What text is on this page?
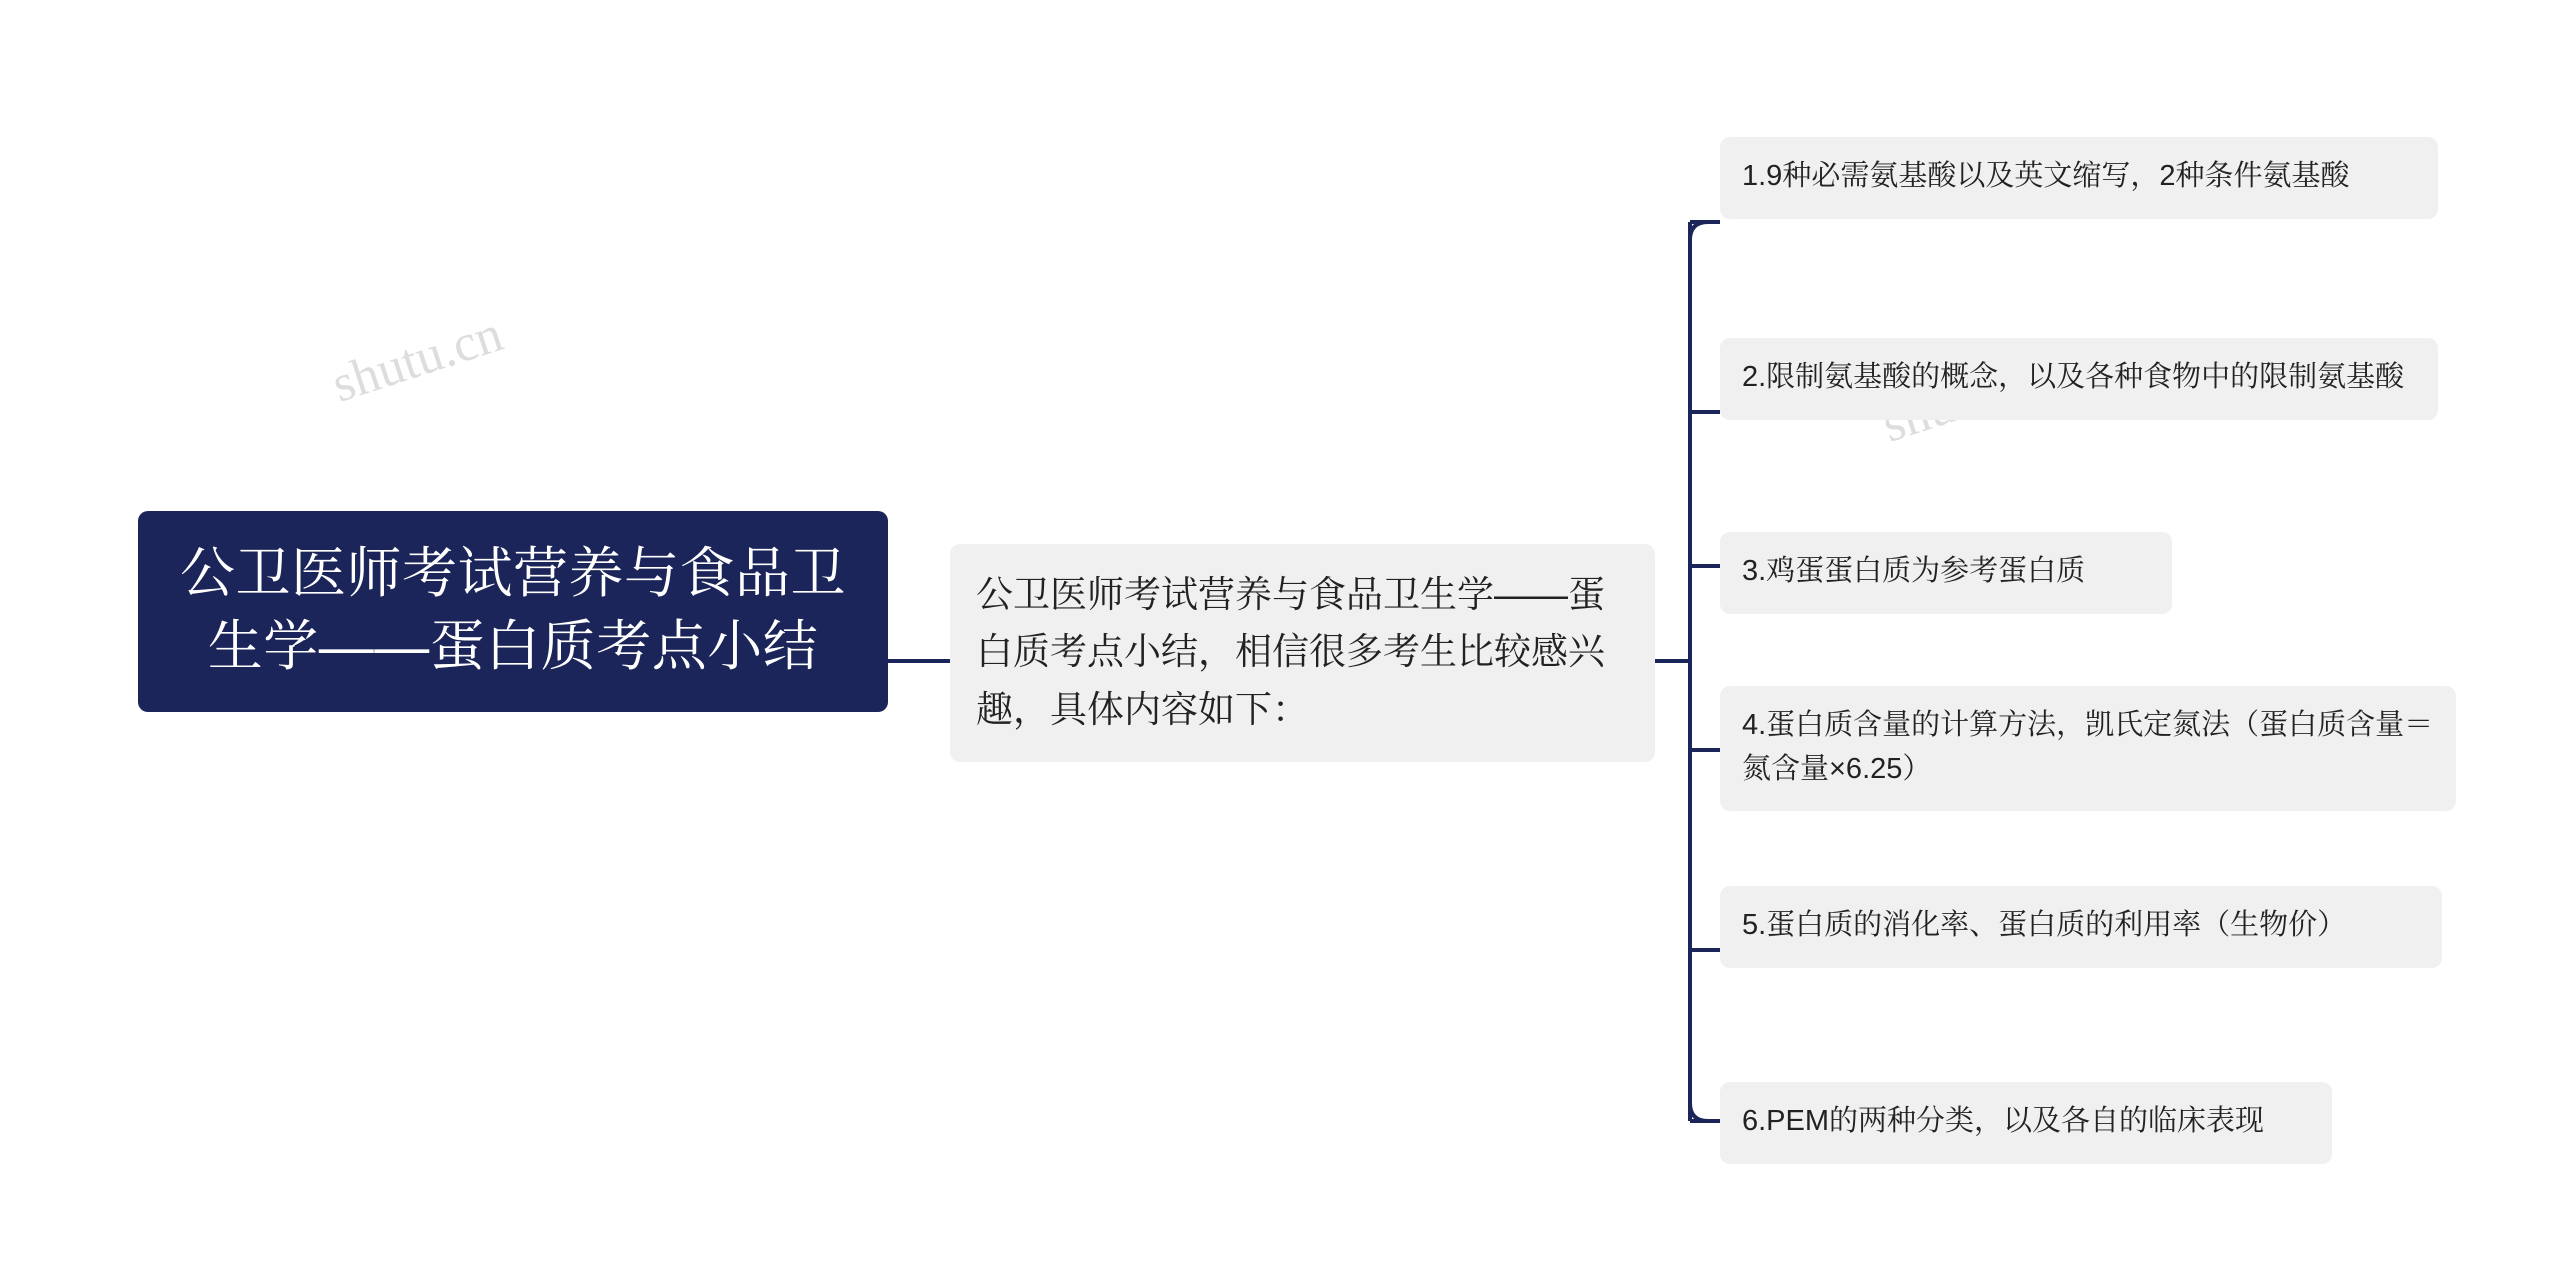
shutu.cn
公卫医师考试营养与食品卫生学——蛋白质考点小结
公卫医师考试营养与食品卫生学——蛋白质考点小结，相信很多考生比较感兴趣，具体内容如下：
1.9种必需氨基酸以及英文缩写，2种条件氨基酸
2.限制氨基酸的概念，以及各种食物中的限制氨基酸
3.鸡蛋蛋白质为参考蛋白质
4.蛋白质含量的计算方法，凯氏定氮法（蛋白质含量＝氮含量×6.25）
5.蛋白质的消化率、蛋白质的利用率（生物价）
6.PEM的两种分类，以及各自的临床表现
